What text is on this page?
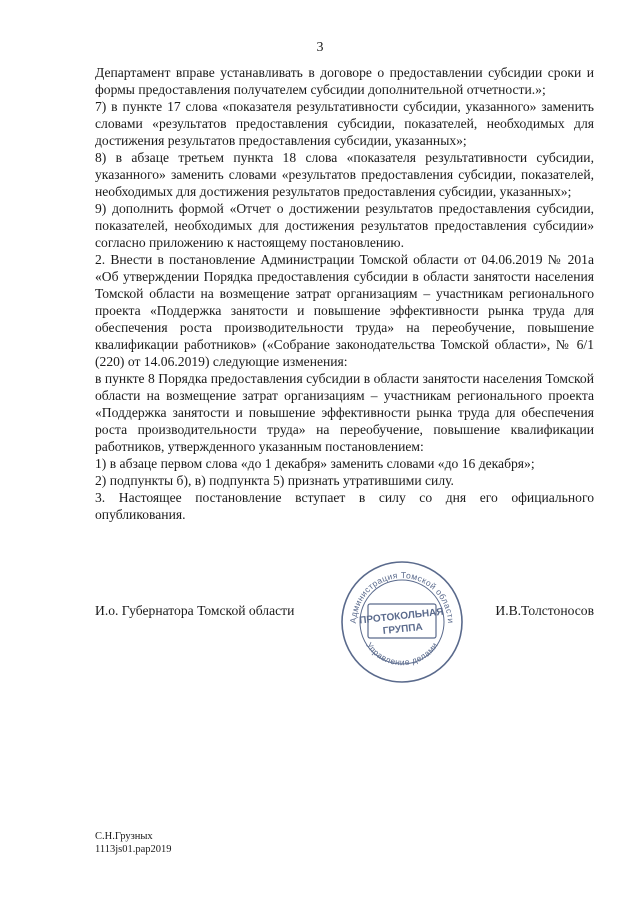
3

Департамент вправе устанавливать в договоре о предоставлении субсидии сроки и формы предоставления получателем субсидии дополнительной отчетности.»;

7) в пункте 17 слова «показателя результативности субсидии, указанного» заменить словами «результатов предоставления субсидии, показателей, необходимых для достижения результатов предоставления субсидии, указанных»;

8) в абзаце третьем пункта 18 слова «показателя результативности субсидии, указанного» заменить словами «результатов предоставления субсидии, показателей, необходимых для достижения результатов предоставления субсидии, указанных»;

9) дополнить формой «Отчет о достижении результатов предоставления субсидии, показателей, необходимых для достижения результатов предоставления субсидии» согласно приложению к настоящему постановлению.

2. Внести в постановление Администрации Томской области от 04.06.2019 № 201а «Об утверждении Порядка предоставления субсидии в области занятости населения Томской области на возмещение затрат организациям – участникам регионального проекта «Поддержка занятости и повышение эффективности рынка труда для обеспечения роста производительности труда» на переобучение, повышение квалификации работников» («Собрание законодательства Томской области», № 6/1 (220) от 14.06.2019) следующие изменения:

в пункте 8 Порядка предоставления субсидии в области занятости населения Томской области на возмещение затрат организациям – участникам регионального проекта «Поддержка занятости и повышение эффективности рынка труда для обеспечения роста производительности труда» на переобучение, повышение квалификации работников, утвержденного указанным постановлением:

1) в абзаце первом слова «до 1 декабря» заменить словами «до 16 декабря»;

2) подпункты б), в) подпункта 5) признать утратившими силу.

3. Настоящее постановление вступает в силу со дня его официального опубликования.

И.о. Губернатора Томской области	И.В.Толстоносов
Администрация Томской области
Управление делами
ПРОТОКОЛЬНАЯ
ГРУППА
С.Н.Грузных
1113js01.pap2019
